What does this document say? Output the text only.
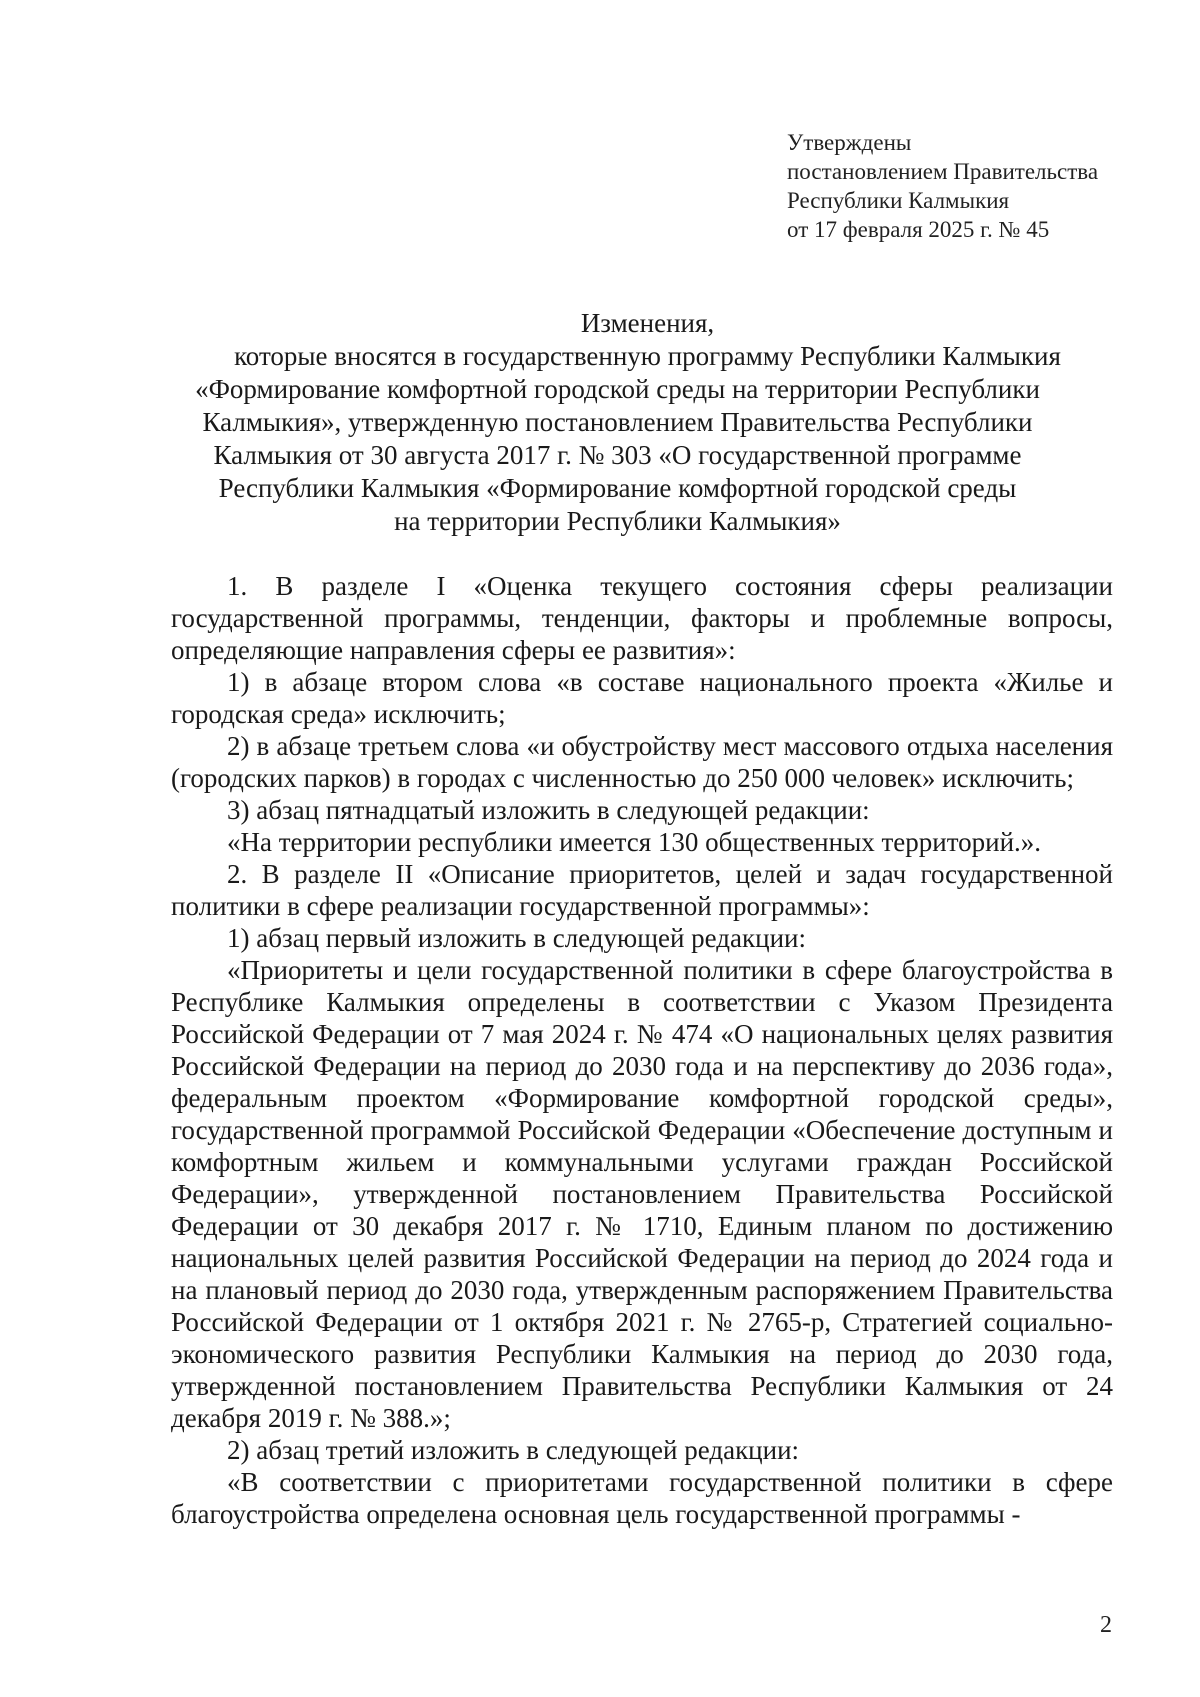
Утверждены
постановлением Правительства
Республики Калмыкия
от 17 февраля 2025 г. № 45
Изменения,
которые вносятся в государственную программу Республики Калмыкия
«Формирование комфортной городской среды на территории Республики
Калмыкия», утвержденную постановлением Правительства Республики
Калмыкия от 30 августа 2017 г. № 303 «О государственной программе
Республики Калмыкия «Формирование комфортной городской среды
на территории Республики Калмыкия»

1. В разделе I «Оценка текущего состояния сферы реализации государственной программы, тенденции, факторы и проблемные вопросы, определяющие направления сферы ее развития»:

1) в абзаце втором слова «в составе национального проекта «Жилье и городская среда» исключить;

2) в абзаце третьем слова «и обустройству мест массового отдыха населения (городских парков) в городах с численностью до 250 000 человек» исключить;

3) абзац пятнадцатый изложить в следующей редакции:

«На территории республики имеется 130 общественных территорий.».

2. В разделе II «Описание приоритетов, целей и задач государственной политики в сфере реализации государственной программы»:

1) абзац первый изложить в следующей редакции:

«Приоритеты и цели государственной политики в сфере благоустройства в Республике Калмыкия определены в соответствии с Указом Президента Российской Федерации от 7 мая 2024 г. № 474 «О национальных целях развития Российской Федерации на период до 2030 года и на перспективу до 2036 года», федеральным проектом «Формирование комфортной городской среды», государственной программой Российской Федерации «Обеспечение доступным и комфортным жильем и коммунальными услугами граждан Российской Федерации», утвержденной постановлением Правительства Российской Федерации от 30 декабря 2017 г. № 1710, Единым планом по достижению национальных целей развития Российской Федерации на период до 2024 года и на плановый период до 2030 года, утвержденным распоряжением Правительства Российской Федерации от 1 октября 2021 г. № 2765-р, Стратегией социально-экономического развития Республики Калмыкия на период до 2030 года, утвержденной постановлением Правительства Республики Калмыкия от 24 декабря 2019 г. № 388.»;

2) абзац третий изложить в следующей редакции:

«В соответствии с приоритетами государственной политики в сфере благоустройства определена основная цель государственной программы -

2
